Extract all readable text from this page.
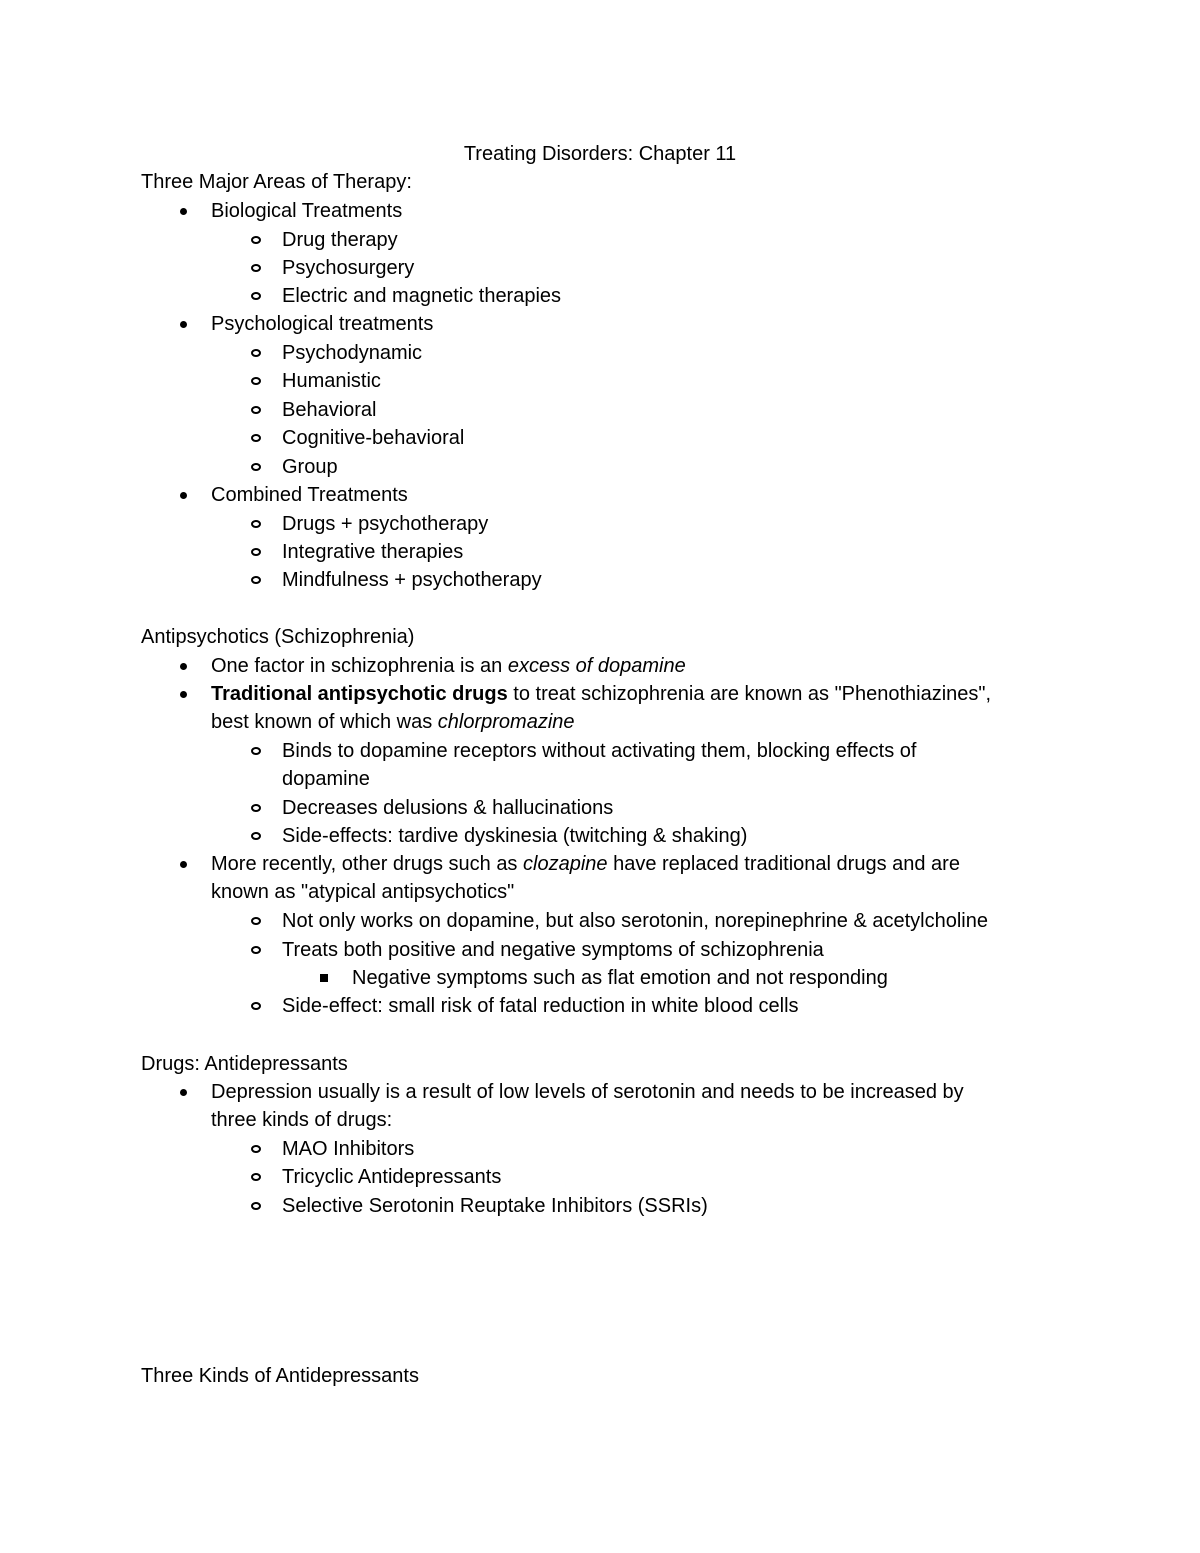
Treating Disorders: Chapter 11
Three Major Areas of Therapy:
Biological Treatments
Drug therapy
Psychosurgery
Electric and magnetic therapies
Psychological treatments
Psychodynamic
Humanistic
Behavioral
Cognitive-behavioral
Group
Combined Treatments
Drugs + psychotherapy
Integrative therapies
Mindfulness + psychotherapy
Antipsychotics (Schizophrenia)
One factor in schizophrenia is an excess of dopamine
Traditional antipsychotic drugs to treat schizophrenia are known as "Phenothiazines",
best known of which was chlorpromazine
Binds to dopamine receptors without activating them, blocking effects of
dopamine
Decreases delusions & hallucinations
Side-effects: tardive dyskinesia (twitching & shaking)
More recently, other drugs such as clozapine have replaced traditional drugs and are
known as "atypical antipsychotics"
Not only works on dopamine, but also serotonin, norepinephrine & acetylcholine
Treats both positive and negative symptoms of schizophrenia
Negative symptoms such as flat emotion and not responding
Side-effect: small risk of fatal reduction in white blood cells
Drugs: Antidepressants
Depression usually is a result of low levels of serotonin and needs to be increased by
three kinds of drugs:
MAO Inhibitors
Tricyclic Antidepressants
Selective Serotonin Reuptake Inhibitors (SSRIs)
Three Kinds of Antidepressants
